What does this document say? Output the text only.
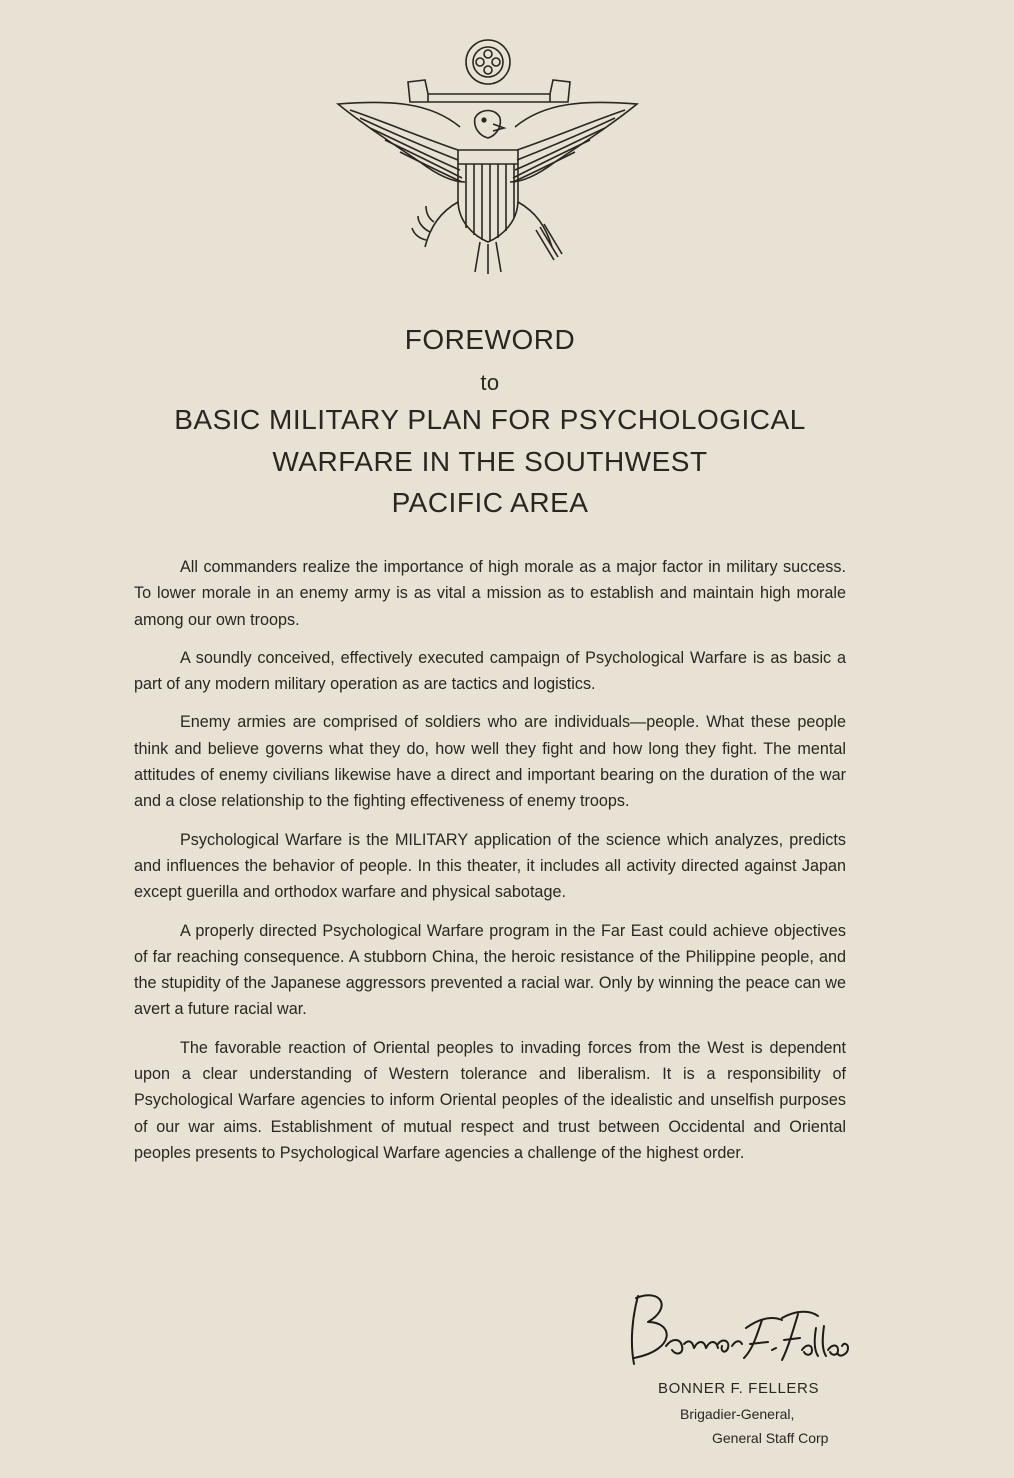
FOREWORD
to
BASIC MILITARY PLAN FOR PSYCHOLOGICAL
WARFARE IN THE SOUTHWEST
PACIFIC AREA

All commanders realize the importance of high morale as a major factor in military success. To lower morale in an enemy army is as vital a mission as to establish and maintain high morale among our own troops.

A soundly conceived, effectively executed campaign of Psychological Warfare is as basic a part of any modern military operation as are tactics and logistics.

Enemy armies are comprised of soldiers who are individuals—people. What these people think and believe governs what they do, how well they fight and how long they fight. The mental attitudes of enemy civilians likewise have a direct and important bearing on the duration of the war and a close relationship to the fighting effectiveness of enemy troops.

Psychological Warfare is the MILITARY application of the science which analyzes, predicts and influences the behavior of people. In this theater, it includes all activity directed against Japan except guerilla and orthodox warfare and physical sabotage.

A properly directed Psychological Warfare program in the Far East could achieve objectives of far reaching consequence. A stubborn China, the heroic resistance of the Philippine people, and the stupidity of the Japanese aggressors prevented a racial war. Only by winning the peace can we avert a future racial war.

The favorable reaction of Oriental peoples to invading forces from the West is dependent upon a clear understanding of Western tolerance and liberalism. It is a responsibility of Psychological Warfare agencies to inform Oriental peoples of the idealistic and unselfish purposes of our war aims. Establishment of mutual respect and trust between Occidental and Oriental peoples presents to Psychological Warfare agencies a challenge of the highest order.

BONNER F. FELLERS
Brigadier-General,
General Staff Corp
